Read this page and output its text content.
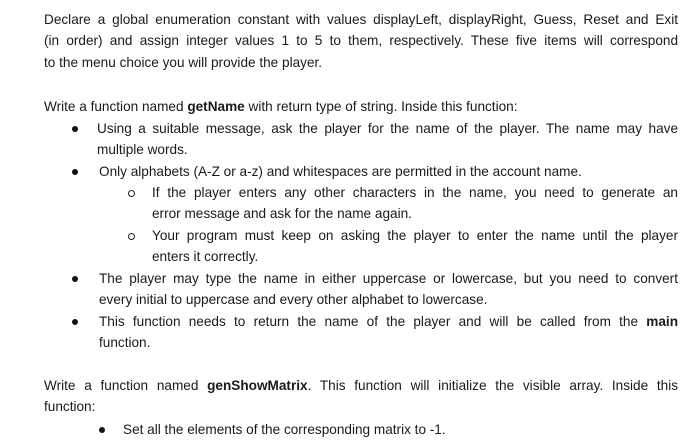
Declare a global enumeration constant with values displayLeft, displayRight, Guess, Reset and Exit
(in order) and assign integer values 1 to 5 to them, respectively. These five items will correspond
to the menu choice you will provide the player.
Write a function named getName with return type of string. Inside this function:
Using a suitable message, ask the player for the name of the player. The name may have
multiple words.
Only alphabets (A-Z or a-z) and whitespaces are permitted in the account name.
If the player enters any other characters in the name, you need to generate an
error message and ask for the name again.
Your program must keep on asking the player to enter the name until the player
enters it correctly.
The player may type the name in either uppercase or lowercase, but you need to convert
every initial to uppercase and every other alphabet to lowercase.
This function needs to return the name of the player and will be called from the main
function.
Write a function named genShowMatrix. This function will initialize the visible array. Inside this
function:
Set all the elements of the corresponding matrix to -1.
